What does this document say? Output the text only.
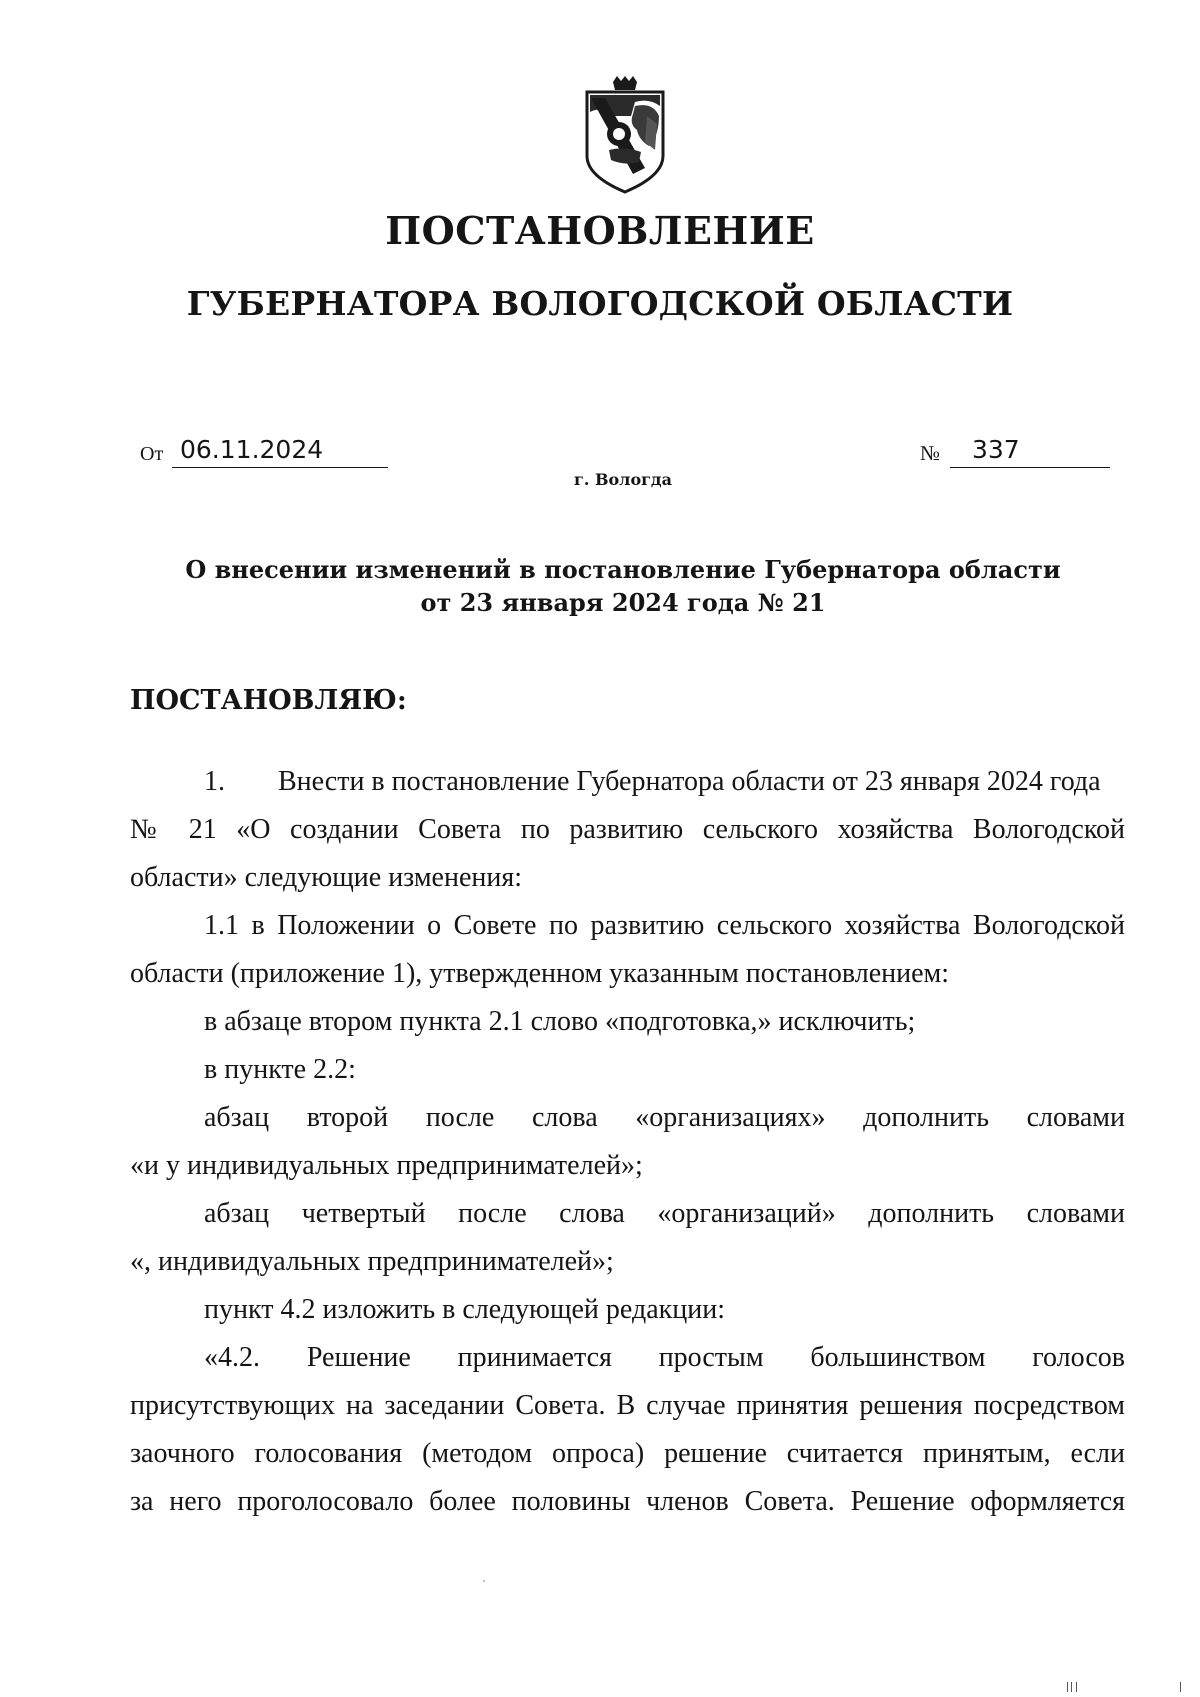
ПОСТАНОВЛЕНИЕ
ГУБЕРНАТОРА ВОЛОГОДСКОЙ ОБЛАСТИ
От 06.11.2024	№	337
г. Вологда
О внесении изменений в постановление Губернатора области
от 23 января 2024 года № 21
ПОСТАНОВЛЯЮ:
1. Внести в постановление Губернатора области от 23 января 2024 года
№ 21 «О создании Совета по развитию сельского хозяйства Вологодской
области» следующие изменения:
1.1 в Положении о Совете по развитию сельского хозяйства Вологодской
области (приложение 1), утвержденном указанным постановлением:
в абзаце втором пункта 2.1 слово «подготовка,» исключить;
в пункте 2.2:
абзац второй после слова «организациях» дополнить словами
«и у индивидуальных предпринимателей»;
абзац четвертый после слова «организаций» дополнить словами
«, индивидуальных предпринимателей»;
пункт 4.2 изложить в следующей редакции:
«4.2. Решение принимается простым большинством голосов
присутствующих на заседании Совета. В случае принятия решения посредством
заочного голосования (методом опроса) решение считается принятым, если
за него проголосовало более половины членов Совета. Решение оформляется
